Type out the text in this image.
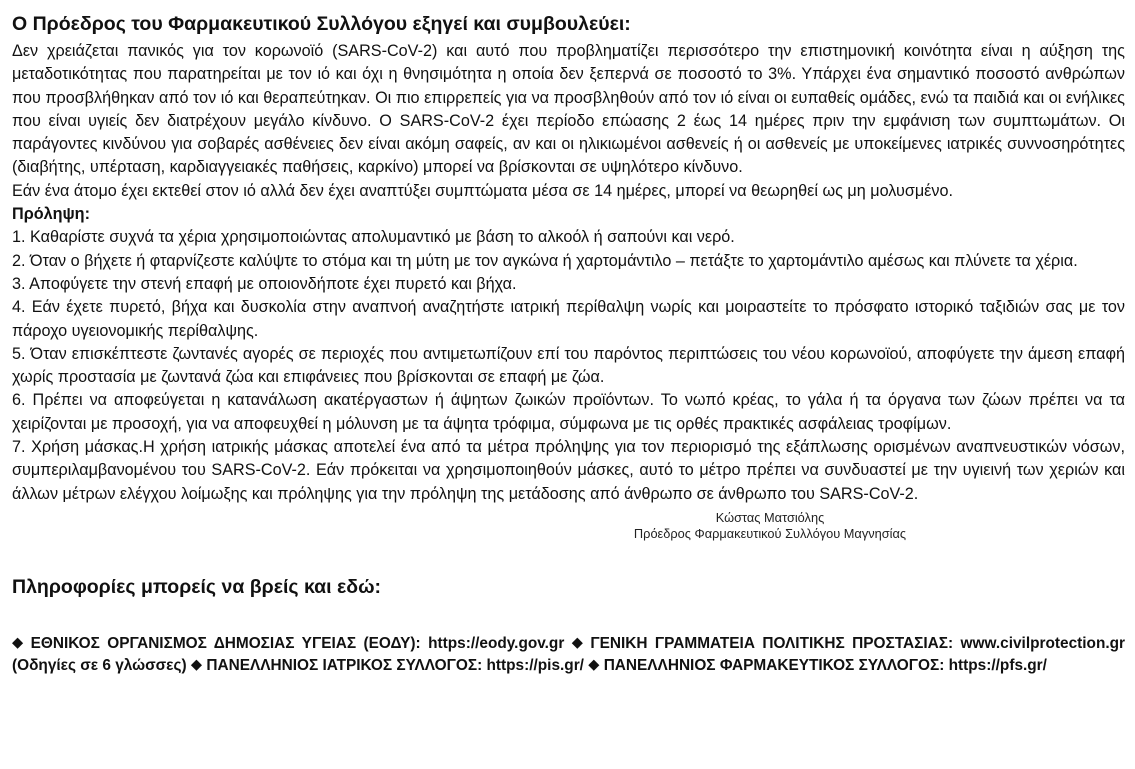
Ο Πρόεδρος του Φαρμακευτικού Συλλόγου εξηγεί και συμβουλεύει:

Δεν χρειάζεται πανικός για τον κορωνοϊό (SARS-CoV-2) και αυτό που προβληματίζει περισσότερο την επιστημονική κοινότητα είναι η αύξηση της μεταδοτικότητας που παρατηρείται με τον ιό και όχι η θνησιμότητα η οποία δεν ξεπερνά σε ποσοστό το 3%. Υπάρχει ένα σημαντικό ποσοστό ανθρώπων που προσβλήθηκαν από τον ιό και θεραπεύτηκαν. Οι πιο επιρρεπείς για να προσβληθούν από τον ιό είναι οι ευπαθείς ομάδες, ενώ τα παιδιά και οι ενήλικες που είναι υγιείς δεν διατρέχουν μεγάλο κίνδυνο. Ο SARS-CoV-2 έχει περίοδο επώασης 2 έως 14 ημέρες πριν την εμφάνιση των συμπτωμάτων. Οι παράγοντες κινδύνου για σοβαρές ασθένειες δεν είναι ακόμη σαφείς, αν και οι ηλικιωμένοι ασθενείς ή οι ασθενείς με υποκείμενες ιατρικές συννοσηρότητες (διαβήτης, υπέρταση, καρδιαγγειακές παθήσεις, καρκίνο) μπορεί να βρίσκονται σε υψηλότερο κίνδυνο.

Εάν ένα άτομο έχει εκτεθεί στον ιό αλλά δεν έχει αναπτύξει συμπτώματα μέσα σε 14 ημέρες, μπορεί να θεωρηθεί ως μη μολυσμένο.

Πρόληψη:

1. Καθαρίστε συχνά τα χέρια χρησιμοποιώντας απολυμαντικό με βάση το αλκοόλ ή σαπούνι και νερό.

2. Όταν ο βήχετε ή φταρνίζεστε καλύψτε το στόμα και τη μύτη με τον αγκώνα ή χαρτομάντιλο – πετάξτε το χαρτομάντιλο αμέσως και πλύνετε τα χέρια.

3. Αποφύγετε την στενή επαφή με οποιονδήποτε έχει πυρετό και βήχα.

4. Εάν έχετε πυρετό, βήχα και δυσκολία στην αναπνοή αναζητήστε ιατρική περίθαλψη νωρίς και μοιραστείτε το πρόσφατο ιστορικό ταξιδιών σας με τον πάροχο υγειονομικής περίθαλψης.

5. Όταν επισκέπτεστε ζωντανές αγορές σε περιοχές που αντιμετωπίζουν επί του παρόντος περιπτώσεις του νέου κορωνοϊού, αποφύγετε την άμεση επαφή χωρίς προστασία με ζωντανά ζώα και επιφάνειες που βρίσκονται σε επαφή με ζώα.

6. Πρέπει να αποφεύγεται η κατανάλωση ακατέργαστων ή άψητων ζωικών προϊόντων. Το νωπό κρέας, το γάλα ή τα όργανα των ζώων πρέπει να τα χειρίζονται με προσοχή, για να αποφευχθεί η μόλυνση με τα άψητα τρόφιμα, σύμφωνα με τις ορθές πρακτικές ασφάλειας τροφίμων.

7. Χρήση μάσκας.Η χρήση ιατρικής μάσκας αποτελεί ένα από τα μέτρα πρόληψης για τον περιορισμό της εξάπλωσης ορισμένων αναπνευστικών νόσων, συμπεριλαμβανομένου του SARS-CoV-2. Εάν πρόκειται να χρησιμοποιηθούν μάσκες, αυτό το μέτρο πρέπει να συνδυαστεί με την υγιεινή των χεριών και άλλων μέτρων ελέγχου λοίμωξης και πρόληψης για την πρόληψη της μετάδοσης από άνθρωπο σε άνθρωπο του SARS-CoV-2.

Κώστας Ματσιόλης
Πρόεδρος Φαρμακευτικού Συλλόγου Μαγνησίας
Πληροφορίες μπορείς να βρείς και εδώ:

◆ ΕΘΝΙΚΟΣ ΟΡΓΑΝΙΣΜΟΣ ΔΗΜΟΣΙΑΣ ΥΓΕΙΑΣ (ΕΟΔΥ): https://eody.gov.gr ◆ ΓΕΝΙΚΗ ΓΡΑΜΜΑΤΕΙΑ ΠΟΛΙΤΙΚΗΣ ΠΡΟΣΤΑΣΙΑΣ: www.civilprotection.gr (Οδηγίες σε 6 γλώσσες) ◆ ΠΑΝΕΛΛΗΝΙΟΣ ΙΑΤΡΙΚΟΣ ΣΥΛΛΟΓΟΣ: https://pis.gr/ ◆ ΠΑΝΕΛΛΗΝΙΟΣ ΦΑΡΜΑΚΕΥΤΙΚΟΣ ΣΥΛΛΟΓΟΣ: https://pfs.gr/
